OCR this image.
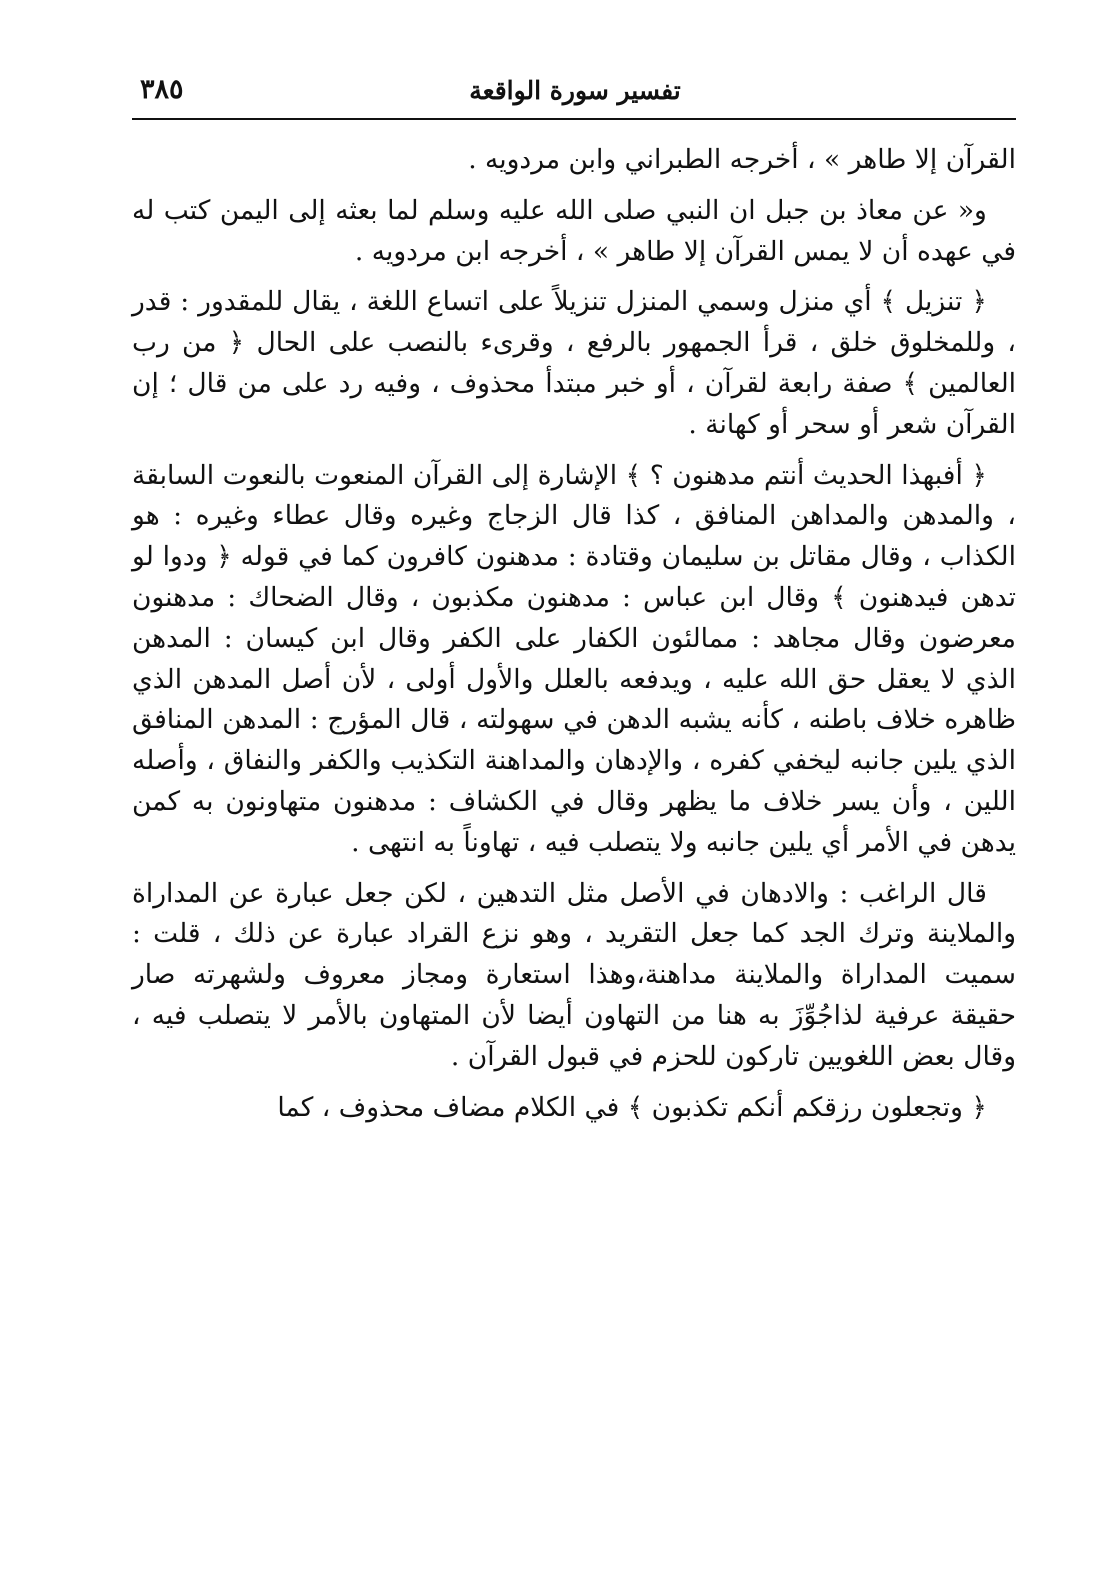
تفسير سورة الواقعة
٣٨٥

القرآن إلا طاهر » ، أخرجه الطبراني وابن مردويه .

و« عن معاذ بن جبل ان النبي صلى الله عليه وسلم لما بعثه إلى اليمن كتب له في عهده أن لا يمس القرآن إلا طاهر » ، أخرجه ابن مردويه .

﴿ تنزيل ﴾ أي منزل وسمي المنزل تنزيلاً على اتساع اللغة ، يقال للمقدور : قدر ، وللمخلوق خلق ، قرأ الجمهور بالرفع ، وقرىء بالنصب على الحال ﴿ من رب العالمين ﴾ صفة رابعة لقرآن ، أو خبر مبتدأ محذوف ، وفيه رد على من قال ؛ إن القرآن شعر أو سحر أو كهانة .

﴿ أفبهذا الحديث أنتم مدهنون ؟ ﴾ الإشارة إلى القرآن المنعوت بالنعوت السابقة ، والمدهن والمداهن المنافق ، كذا قال الزجاج وغيره وقال عطاء وغيره : هو الكذاب ، وقال مقاتل بن سليمان وقتادة : مدهنون كافرون كما في قوله ﴿ ودوا لو تدهن فيدهنون ﴾ وقال ابن عباس : مدهنون مكذبون ، وقال الضحاك : مدهنون معرضون وقال مجاهد : ممالئون الكفار على الكفر وقال ابن كيسان : المدهن الذي لا يعقل حق الله عليه ، ويدفعه بالعلل والأول أولى ، لأن أصل المدهن الذي ظاهره خلاف باطنه ، كأنه يشبه الدهن في سهولته ، قال المؤرج : المدهن المنافق الذي يلين جانبه ليخفي كفره ، والإدهان والمداهنة التكذيب والكفر والنفاق ، وأصله اللين ، وأن يسر خلاف ما يظهر وقال في الكشاف : مدهنون متهاونون به كمن يدهن في الأمر أي يلين جانبه ولا يتصلب فيه ، تهاوناً به انتهى .

قال الراغب : والادهان في الأصل مثل التدهين ، لكن جعل عبارة عن المداراة والملاينة وترك الجد كما جعل التقريد ، وهو نزع القراد عبارة عن ذلك ، قلت : سميت المداراة والملاينة مداهنة،وهذا استعارة ومجاز معروف ولشهرته صار حقيقة عرفية لذاجُوِّزَ به هنا من التهاون أيضا لأن المتهاون بالأمر لا يتصلب فيه ، وقال بعض اللغويين تاركون للحزم في قبول القرآن .

﴿ وتجعلون رزقكم أنكم تكذبون ﴾ في الكلام مضاف محذوف ، كما
